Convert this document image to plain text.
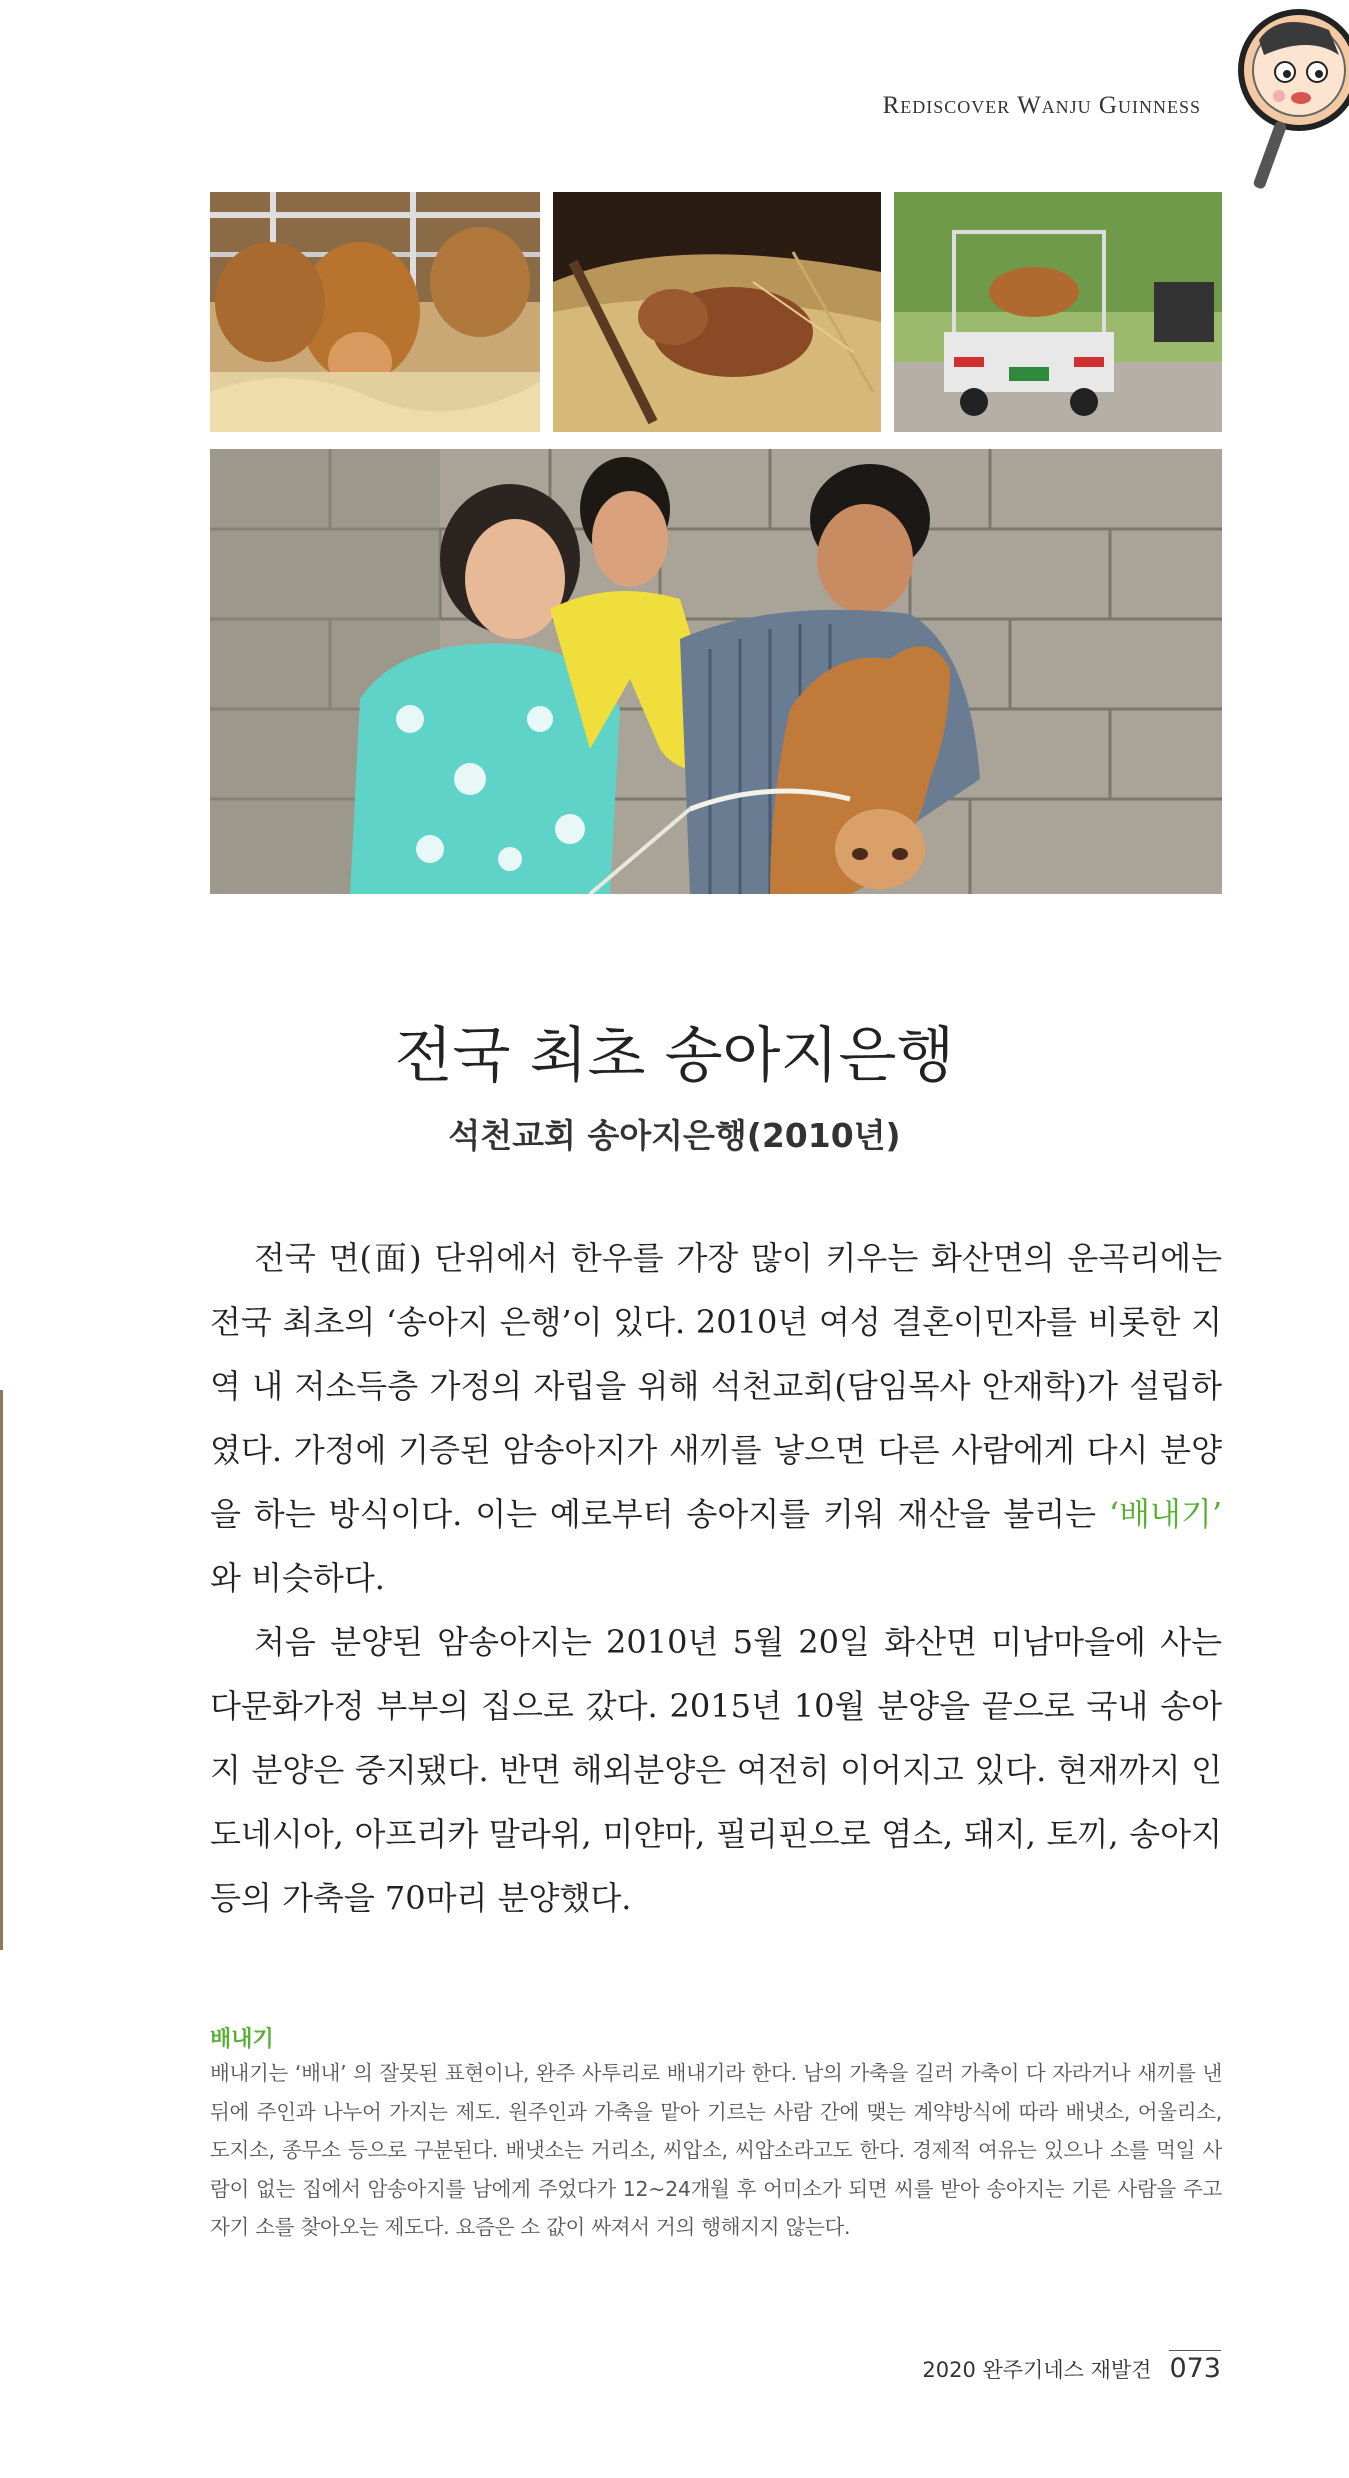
Rediscover Wanju Guinness
전국 최초 송아지은행
석천교회 송아지은행(2010년)

전국 면(面) 단위에서 한우를 가장 많이 키우는 화산면의 운곡리에는 전국 최초의 ‘송아지 은행’이 있다. 2010년 여성 결혼이민자를 비롯한 지역 내 저소득층 가정의 자립을 위해 석천교회(담임목사 안재학)가 설립하였다. 가정에 기증된 암송아지가 새끼를 낳으면 다른 사람에게 다시 분양을 하는 방식이다. 이는 예로부터 송아지를 키워 재산을 불리는 ‘배내기’ 와 비슷하다.

처음 분양된 암송아지는 2010년 5월 20일 화산면 미남마을에 사는 다문화가정 부부의 집으로 갔다. 2015년 10월 분양을 끝으로 국내 송아지 분양은 중지됐다. 반면 해외분양은 여전히 이어지고 있다. 현재까지 인도네시아, 아프리카 말라위, 미얀마, 필리핀으로 염소, 돼지, 토끼, 송아지 등의 가축을 70마리 분양했다.

배내기
배내기는 ‘배내’ 의 잘못된 표현이나, 완주 사투리로 배내기라 한다. 남의 가축을 길러 가축이 다 자라거나 새끼를 낸 뒤에 주인과 나누어 가지는 제도. 원주인과 가축을 맡아 기르는 사람 간에 맺는 계약방식에 따라 배냇소, 어울리소, 도지소, 종무소 등으로 구분된다. 배냇소는 거리소, 씨압소, 씨압소라고도 한다. 경제적 여유는 있으나 소를 먹일 사람이 없는 집에서 암송아지를 남에게 주었다가 12~24개월 후 어미소가 되면 씨를 받아 송아지는 기른 사람을 주고 자기 소를 찾아오는 제도다. 요즘은 소 값이 싸져서 거의 행해지지 않는다.
2020 완주기네스 재발견 073
